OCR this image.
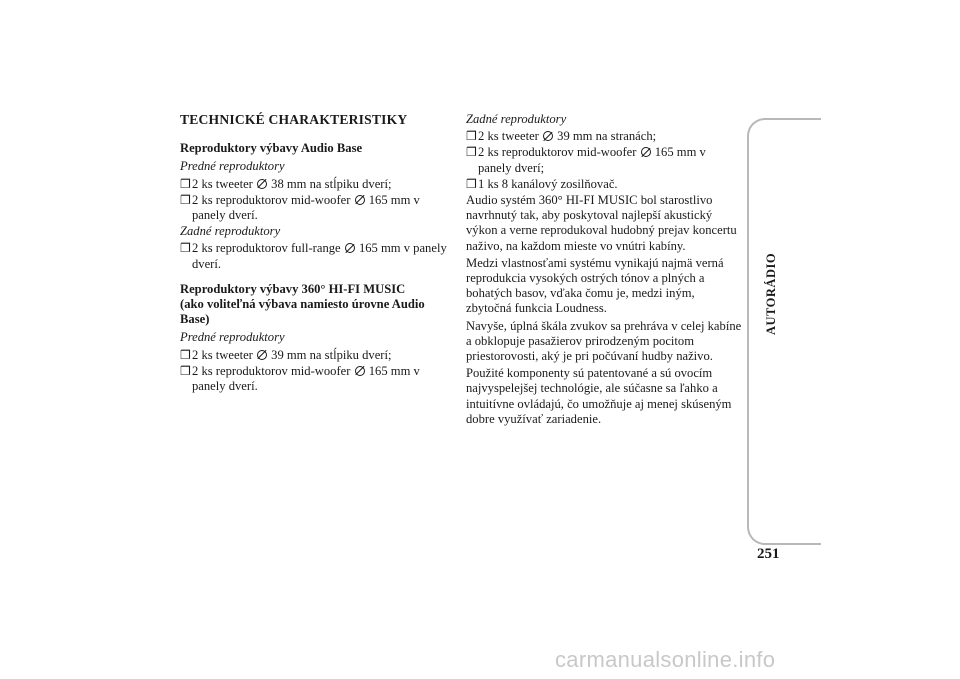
TECHNICKÉ CHARAKTERISTIKY
Reproduktory výbavy Audio Base
Predné reproduktory
❒ 2 ks tweeter  38 mm na stĺpiku dverí;
❒ 2 ks reproduktorov mid-woofer  165 mm v panely dverí.
Zadné reproduktory
❒ 2 ks reproduktorov full-range  165 mm v panely dverí.
Reproduktory výbavy 360° HI-FI MUSIC
(ako voliteľná výbava namiesto úrovne Audio Base)
Predné reproduktory
❒ 2 ks tweeter  39 mm na stĺpiku dverí;
❒ 2 ks reproduktorov mid-woofer  165 mm v panely dverí.
Zadné reproduktory
❒ 2 ks tweeter  39 mm na stranách;
❒ 2 ks reproduktorov mid-woofer  165 mm v panely dverí;
❒ 1 ks 8 kanálový zosilňovač.
Audio systém 360° HI-FI MUSIC bol starostlivo navrhnutý tak, aby poskytoval najlepší akustický výkon a verne reprodukoval hudobný prejav koncertu naživo, na každom mieste vo vnútri kabíny.
Medzi vlastnosťami systému vynikajú najmä verná reprodukcia vysokých ostrých tónov a plných a bohatých basov, vďaka čomu je, medzi iným, zbytočná funkcia Loudness.
Navyše, úplná škála zvukov sa prehráva v celej kabíne a obklopuje pasažierov prirodzeným pocitom priestorovosti, aký je pri počúvaní hudby naživo.
Použité komponenty sú patentované a sú ovocím najvyspelejšej technológie, ale súčasne sa ľahko a intuitívne ovládajú, čo umožňuje aj menej skúseným dobre využívať zariadenie.
AUTORÁDIO
251
carmanualsonline.info
